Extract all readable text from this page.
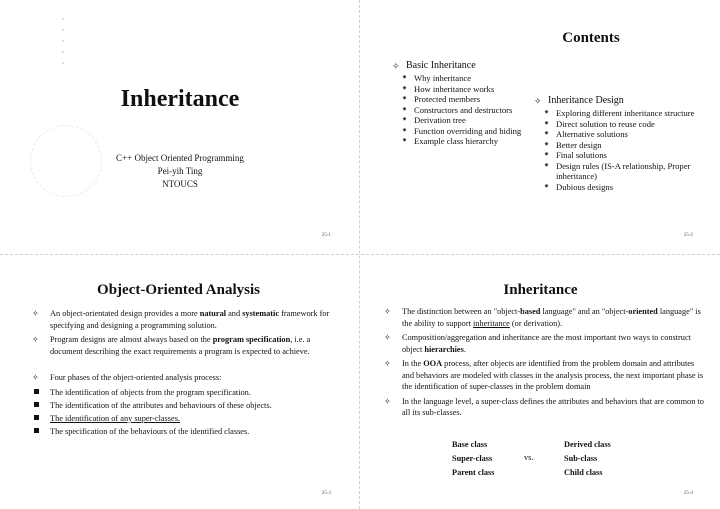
Inheritance
C++ Object Oriented Programming
Pei-yih Ting
NTOUCS
25-1
Contents
✧ Basic Inheritance
✷ Why inheritance
✷ How inheritance works
✷ Protected members
✷ Constructors and destructors
✷ Derivation tree
✷ Function overriding and hiding
✷ Example class hierarchy
✧ Inheritance Design
✷ Exploring different inheritance structure
✷ Direct solution to reuse code
✷ Alternative solutions
✷ Better design
✷ Final solutions
✷ Design rules (IS-A relationship, Proper inheritance)
✷ Dubious designs
25-2
Object-Oriented Analysis
✧ An object-orientated design provides a more natural and systematic framework for specifying and designing a programming solution.
✧ Program designs are almost always based on the program specification, i.e. a document describing the exact requirements a program is expected to achieve.
✧ Four phases of the object-oriented analysis process:
The identification of objects from the program specification.
The identification of the attributes and behaviours of these objects.
The identification of any super-classes.
The specification of the behaviours of the identified classes.
25-3
Inheritance
✧ The distinction between an "object-based language" and an "object-oriented language" is the ability to support inheritance (or derivation).
✧ Composition/aggregation and inheritance are the most important two ways to construct object hierarchies.
✧ In the OOA process, after objects are identified from the problem domain and attributes and behaviors are modeled with classes in the analysis process, the next important phase is the identification of super-classes in the problem domain
✧ In the language level, a super-class defines the attributes and behaviors that are common to all its sub-classes.
Base class
Super-class
Parent class
vs.
Derived class
Sub-class
Child class
25-4
